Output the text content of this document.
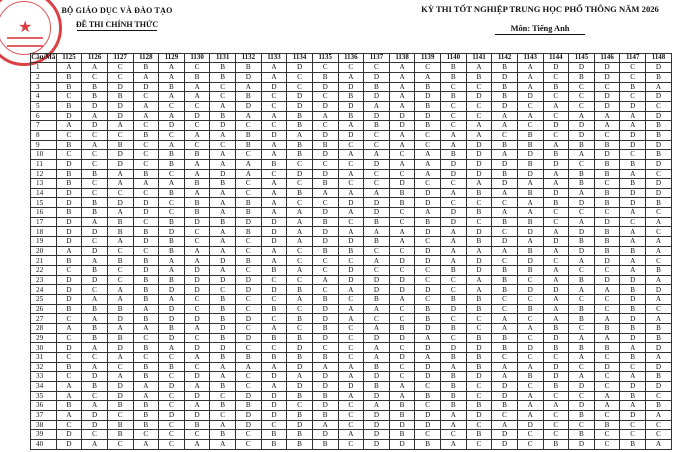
★
BỘ GIÁO DỤC VÀ ĐÀO TẠO
ĐỀ THI CHÍNH THỨC
KỲ THI TỐT NGHIỆP TRUNG HỌC PHỔ THÔNG NĂM 2026
Môn: Tiếng Anh
Câu/Mã	1125	1126	1127	1128	1129	1130	1131	1132	1133	1134	1135	1136	1137	1138	1139	1140	1141	1142	1143	1144	1145	1146	1147	1148
1	A	A	C	B	A	C	B	B	A	D	C	C	C	A	C	B	A	B	A	D	D	D	C	D
2	B	C	C	A	A	B	B	D	A	C	B	A	D	A	A	B	B	D	A	C	B	D	C	B
3	B	B	D	D	B	A	C	A	D	C	D	D	B	A	B	C	C	B	A	B	C	C	B	A
4	C	B	B	C	A	A	C	B	C	D	C	B	D	A	D	B	D	B	D	C	C	D	C	D
5	B	D	D	A	C	C	A	D	C	D	D	D	A	A	B	C	C	D	C	A	C	D	D	C
6	D	A	D	A	A	D	B	A	A	B	A	B	D	D	D	C	C	A	A	C	A	A	A	D
7	A	D	A	C	D	C	D	C	C	B	C	A	B	D	B	C	A	A	C	D	D	A	A	B
8	C	C	C	B	C	A	A	B	D	A	D	D	C	A	C	A	A	C	B	C	D	C	D	B
9	B	A	B	C	A	C	C	B	A	B	B	C	C	A	C	A	D	B	B	A	B	B	D	D
10	C	C	D	C	B	B	A	C	A	B	D	A	A	C	A	B	D	A	D	B	A	D	C	B
11	D	C	D	C	B	A	A	A	B	C	C	C	D	A	A	D	D	D	B	D	C	B	B	D
12	B	B	A	B	C	A	D	A	C	D	D	A	C	C	A	D	D	B	D	A	B	B	A	C
13	B	C	A	A	A	B	B	C	A	C	B	C	C	D	C	C	A	D	A	A	B	C	B	D
14	D	C	C	C	B	A	A	C	A	B	A	A	A	B	D	A	B	A	B	D	A	B	D	D
15	D	B	D	D	C	B	A	B	A	C	C	D	D	B	D	C	C	C	A	B	D	B	D	B
16	B	B	A	D	C	B	A	B	A	A	D	A	D	C	A	D	B	A	A	C	C	C	A	C
17	D	A	B	C	B	D	B	D	D	A	B	C	B	C	B	D	C	B	B	C	A	D	C	A
18	D	D	B	B	D	C	A	B	D	A	D	A	A	A	D	A	D	C	D	A	D	B	A	C
19	D	C	A	D	B	C	A	C	D	A	D	D	B	A	C	A	B	D	A	D	B	B	A	A
20	A	D	C	C	B	A	A	C	A	C	B	B	C	C	D	A	A	A	B	A	D	B	B	A
21	B	A	B	B	A	A	D	B	A	C	C	C	A	D	D	A	D	C	D	C	A	D	A	C
22	C	B	C	D	A	D	A	C	B	A	C	D	C	C	C	B	D	B	B	A	C	C	A	B
23	D	D	C	B	B	D	D	D	C	C	A	D	D	D	C	C	A	B	C	A	B	D	D	A
24	D	C	A	B	D	D	C	D	D	B	C	A	D	D	D	C	A	B	D	D	A	A	B	D
25	D	A	A	B	A	C	B	C	C	A	B	C	B	A	C	B	B	C	C	A	C	C	D	A
26	B	B	B	A	D	C	B	C	B	C	D	A	A	C	B	D	B	C	B	A	B	C	B	C
27	C	A	D	B	D	D	B	D	C	B	D	A	C	C	B	C	C	A	C	A	B	A	D	A
28	A	B	A	A	B	A	D	C	A	C	B	C	A	B	D	B	C	A	A	B	C	B	B	B
29	C	B	B	C	D	C	B	D	B	B	D	C	D	D	A	C	B	B	C	D	A	A	D	B
30	D	A	D	B	A	D	D	C	C	D	C	C	A	C	D	D	D	B	D	B	B	B	A	D
31	C	C	A	C	C	A	B	B	B	B	B	C	A	D	A	B	B	C	C	C	A	C	B	A
32	B	A	C	B	B	C	A	A	A	D	A	A	B	C	D	A	B	A	A	D	C	D	C	D
33	C	D	A	B	C	D	A	C	D	A	D	A	D	C	D	B	D	A	B	D	A	C	A	B
34	A	B	D	A	D	A	B	C	A	D	D	D	B	A	C	B	C	D	C	B	D	C	D	D
35	A	C	D	A	C	D	C	D	D	B	B	A	D	A	B	B	C	D	A	C	C	A	B	C
36	B	A	B	B	C	A	B	B	D	C	D	C	A	B	C	B	B	B	A	A	D	A	A	B
37	A	D	C	B	D	D	C	D	D	B	B	C	D	B	D	A	D	C	A	C	B	C	D	A
38	C	D	B	B	C	B	A	D	C	D	A	C	D	D	D	A	C	A	D	C	C	B	C	C
39	D	C	B	C	C	C	B	C	B	B	D	A	D	B	C	C	B	D	C	C	B	C	C	C
40	D	A	C	A	C	A	A	C	B	B	B	C	D	D	B	A	C	D	C	B	D	C	B	A
